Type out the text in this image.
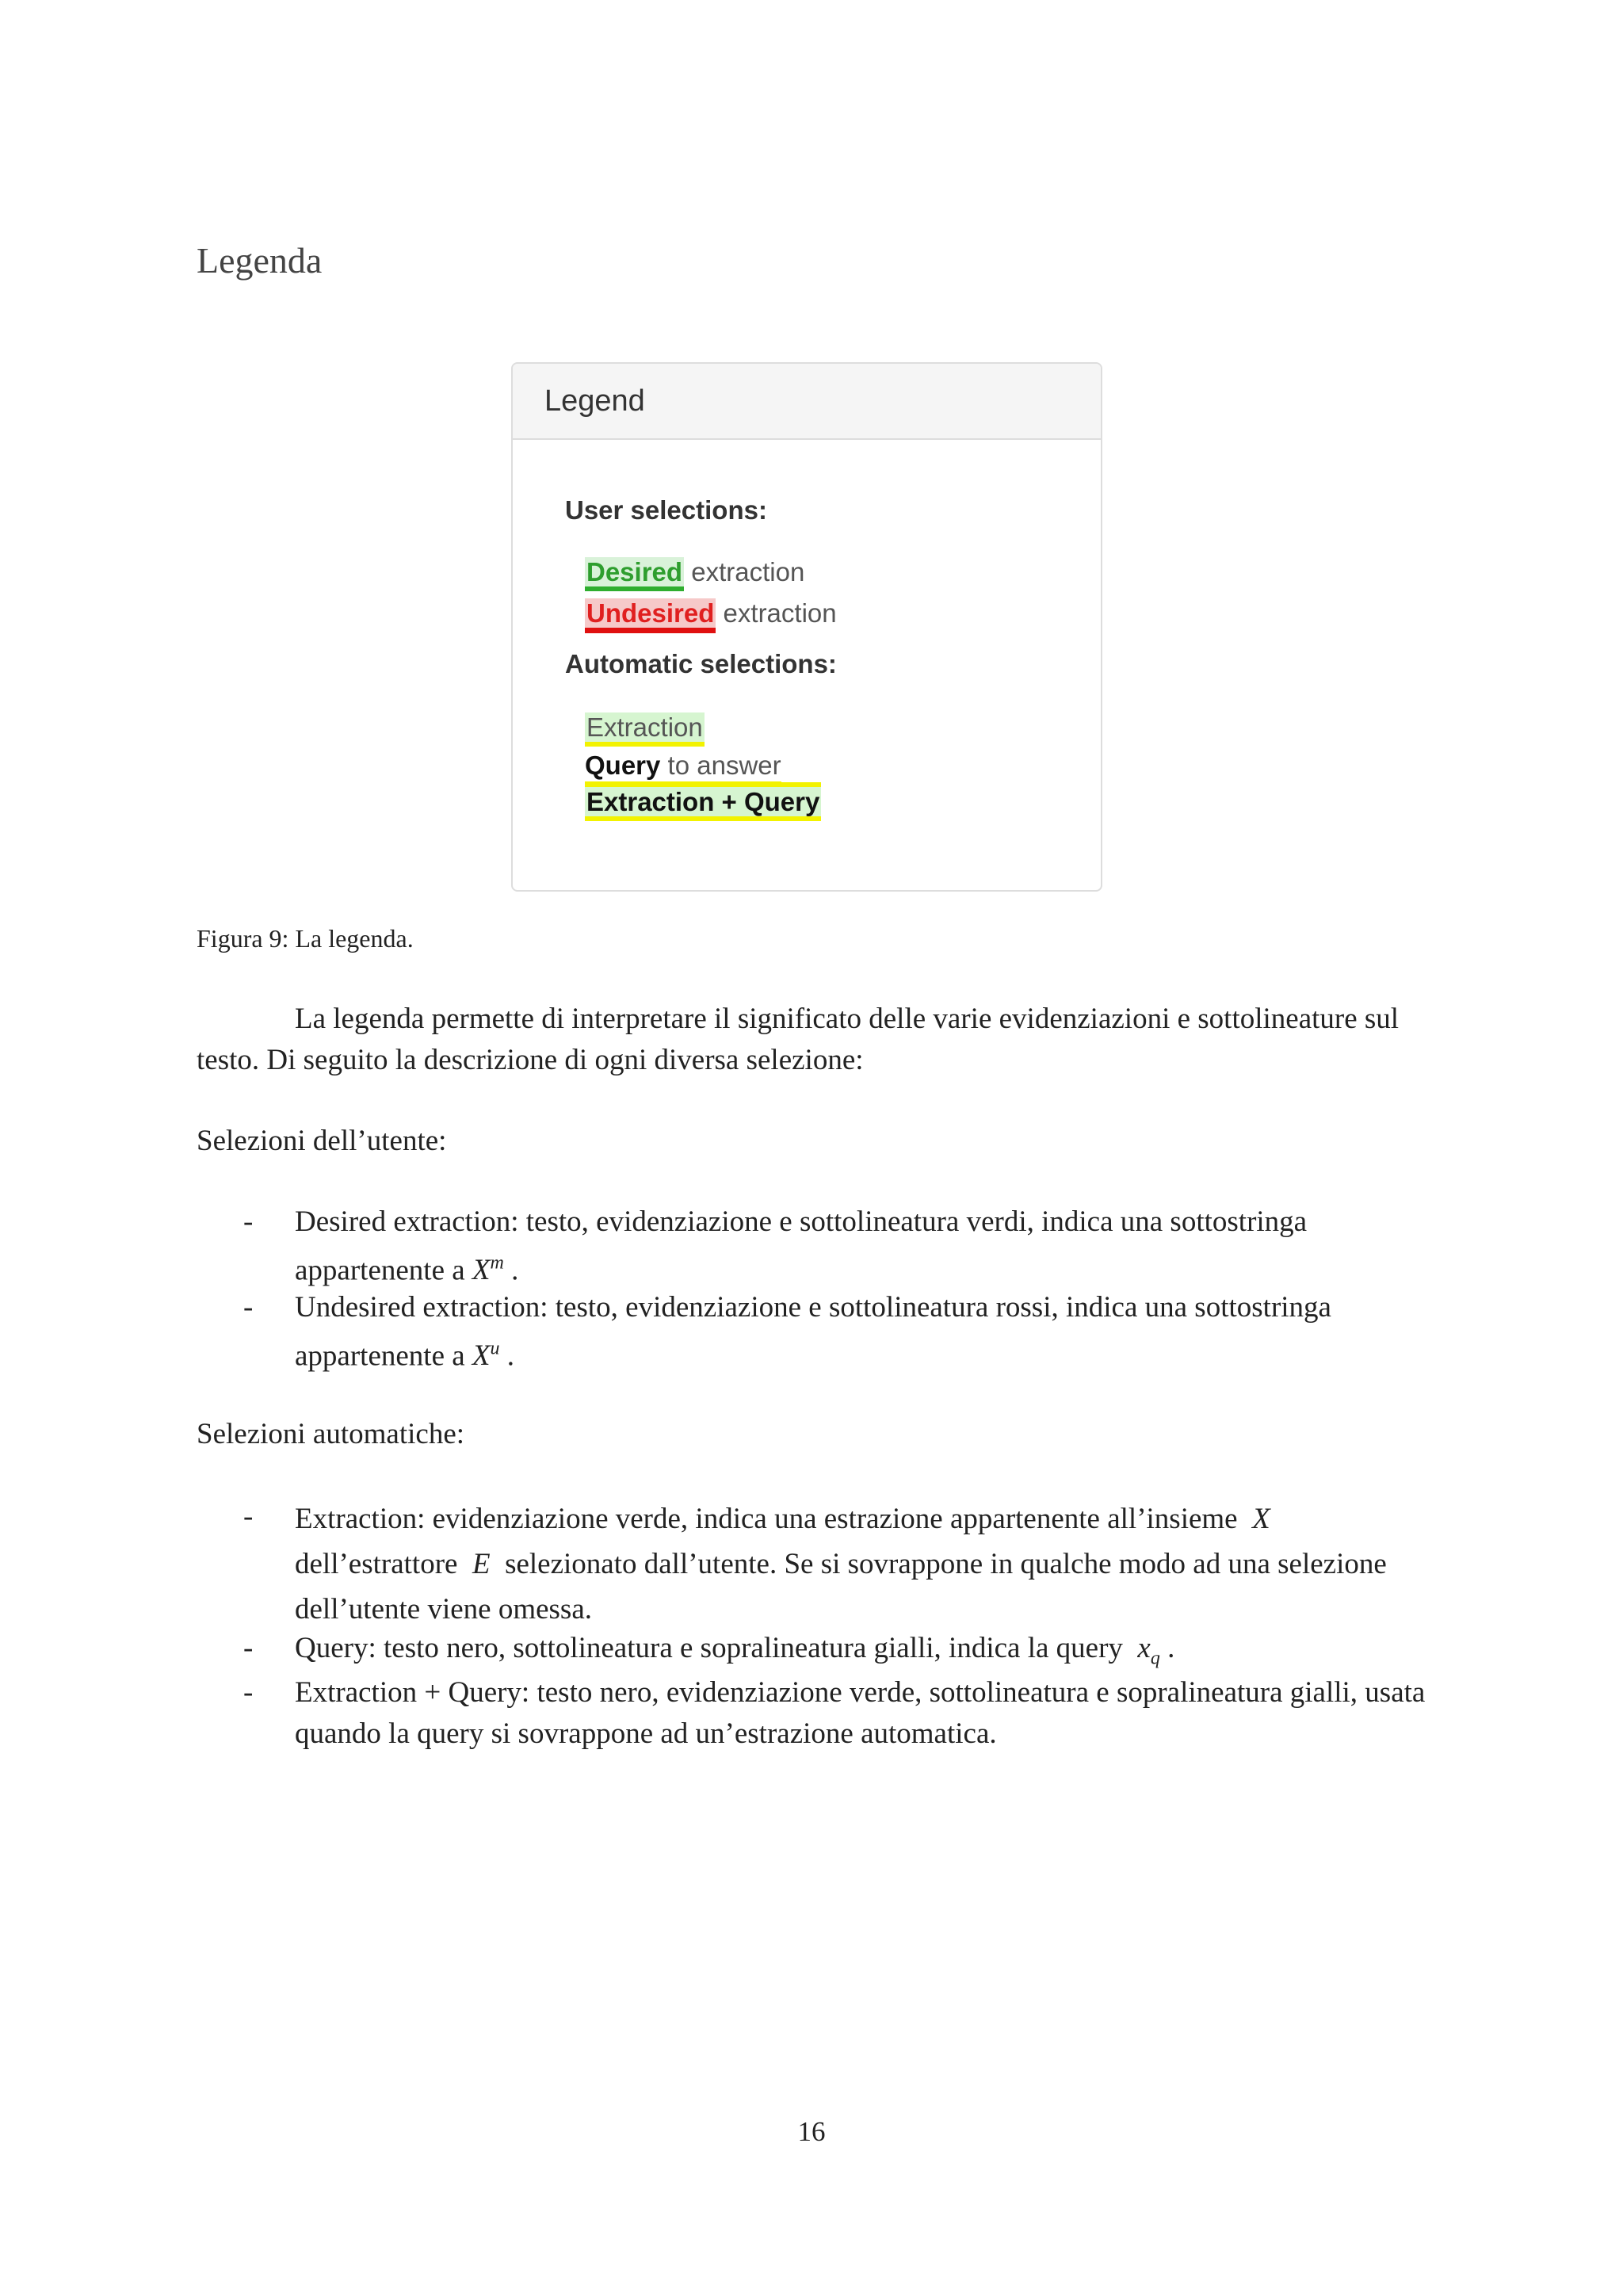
Legenda
Legend
User selections:
Desired extraction
Undesired extraction
Automatic selections:
Extraction
Query to answer
Extraction + Query
Figura 9: La legenda.

La legenda permette di interpretare il significato delle varie evidenziazioni e sottolineature sul testo. Di seguito la descrizione di ogni diversa selezione:

Selezioni dell’utente:
- Desired extraction: testo, evidenziazione e sottolineatura verdi, indica una sottostringa appartenente a $X^m$ .
- Undesired extraction: testo, evidenziazione e sottolineatura rossi, indica una sottostringa appartenente a $X^u$ .
Selezioni automatiche:
- Extraction: evidenziazione verde, indica una estrazione appartenente all’insieme X dell’estrattore E selezionato dall’utente. Se si sovrappone in qualche modo ad una selezione dell’utente viene omessa.
- Query: testo nero, sottolineatura e sopralineatura gialli, indica la query $x_q$ .
- Extraction + Query: testo nero, evidenziazione verde, sottolineatura e sopralineatura gialli, usata quando la query si sovrappone ad un’estrazione automatica.
16
